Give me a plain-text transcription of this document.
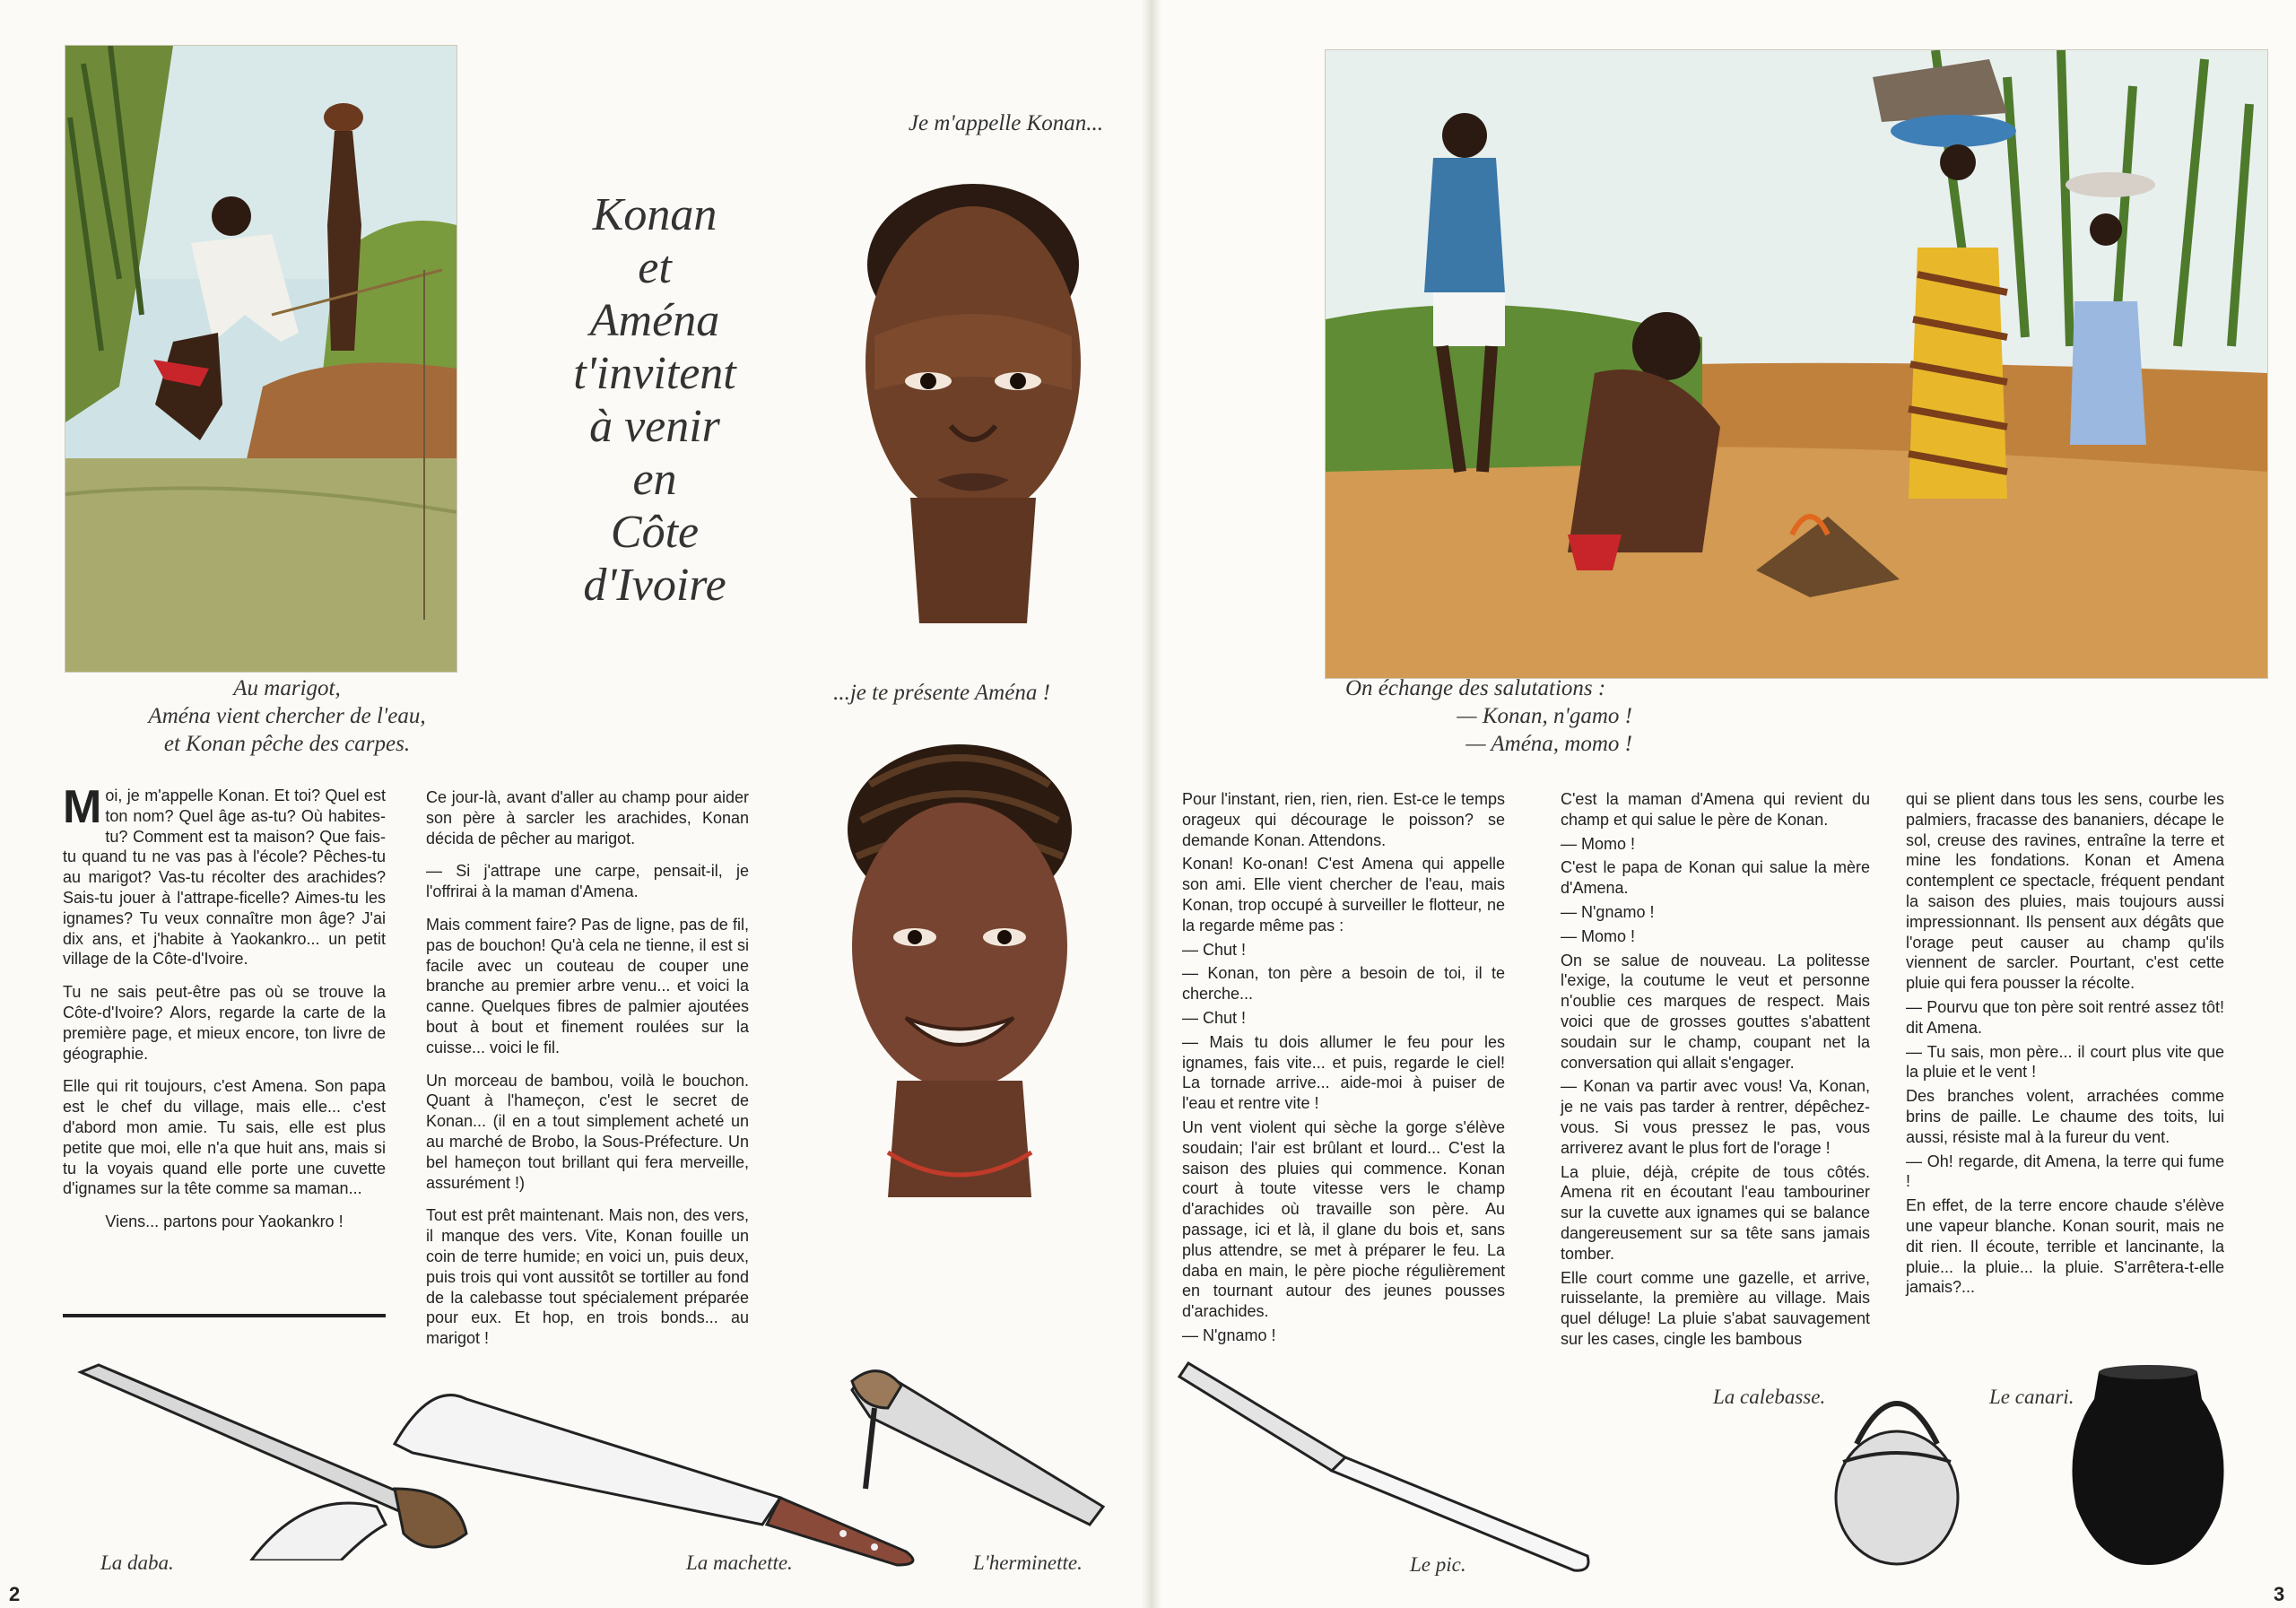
Au marigot,
Aména vient chercher de l'eau,
et Konan pêche des carpes.
Konan
et
Aména
t'invitent
à venir
en
Côte
d'Ivoire
Je m'appelle Konan...
...je te présente Aména !

Moi, je m'appelle Konan. Et toi? Quel est ton nom? Quel âge as-tu? Où habites-tu? Comment est ta maison? Que fais-tu quand tu ne vas pas à l'école? Pêches-tu au marigot? Vas-tu récolter des arachides? Sais-tu jouer à l'attrape-ficelle? Aimes-tu les ignames? Tu veux connaître mon âge? J'ai dix ans, et j'habite à Yaokankro... un petit village de la Côte-d'Ivoire.

Tu ne sais peut-être pas où se trouve la Côte-d'Ivoire? Alors, regarde la carte de la première page, et mieux encore, ton livre de géographie.

Elle qui rit toujours, c'est Amena. Son papa est le chef du village, mais elle... c'est d'abord mon amie. Tu sais, elle est plus petite que moi, elle n'a que huit ans, mais si tu la voyais quand elle porte une cuvette d'ignames sur la tête comme sa maman...

Viens... partons pour Yaokankro !

Ce jour-là, avant d'aller au champ pour aider son père à sarcler les arachides, Konan décida de pêcher au marigot.

— Si j'attrape une carpe, pensait-il, je l'offrirai à la maman d'Amena.

Mais comment faire? Pas de ligne, pas de fil, pas de bouchon! Qu'à cela ne tienne, il est si facile avec un couteau de couper une branche au premier arbre venu... et voici la canne. Quelques fibres de palmier ajoutées bout à bout et finement roulées sur la cuisse... voici le fil.

Un morceau de bambou, voilà le bouchon. Quant à l'hameçon, c'est le secret de Konan... (il en a tout simplement acheté un au marché de Brobo, la Sous-Préfecture. Un bel hameçon tout brillant qui fera merveille, assurément !)

Tout est prêt maintenant. Mais non, des vers, il manque des vers. Vite, Konan fouille un coin de terre humide; en voici un, puis deux, puis trois qui vont aussitôt se tortiller au fond de la calebasse tout spécialement préparée pour eux. Et hop, en trois bonds... au marigot !

La daba.	La machette.	L'herminette.
2
On échange des salutations :
— Konan, n'gamo !
— Aména, momo !

Pour l'instant, rien, rien, rien. Est-ce le temps orageux qui décourage le poisson? se demande Konan. Attendons.

Konan! Ko-onan! C'est Amena qui appelle son ami. Elle vient chercher de l'eau, mais Konan, trop occupé à surveiller le flotteur, ne la regarde même pas :

— Chut !

— Konan, ton père a besoin de toi, il te cherche...

— Chut !

— Mais tu dois allumer le feu pour les ignames, fais vite... et puis, regarde le ciel! La tornade arrive... aide-moi à puiser de l'eau et rentre vite !

Un vent violent qui sèche la gorge s'élève soudain; l'air est brûlant et lourd... C'est la saison des pluies qui commence. Konan court à toute vitesse vers le champ d'arachides où travaille son père. Au passage, ici et là, il glane du bois et, sans plus attendre, se met à préparer le feu. La daba en main, le père pioche régulièrement en tournant autour des jeunes pousses d'arachides.

— N'gnamo !

C'est la maman d'Amena qui revient du champ et qui salue le père de Konan.

— Momo !

C'est le papa de Konan qui salue la mère d'Amena.

— N'gnamo !

— Momo !

On se salue de nouveau. La politesse l'exige, la coutume le veut et personne n'oublie ces marques de respect. Mais voici que de grosses gouttes s'abattent soudain sur le champ, coupant net la conversation qui allait s'engager.

— Konan va partir avec vous! Va, Konan, je ne vais pas tarder à rentrer, dépêchez-vous. Si vous pressez le pas, vous arriverez avant le plus fort de l'orage !

La pluie, déjà, crépite de tous côtés. Amena rit en écoutant l'eau tambouriner sur la cuvette aux ignames qui se balance dangereusement sur sa tête sans jamais tomber.

Elle court comme une gazelle, et arrive, ruisselante, la première au village. Mais quel déluge! La pluie s'abat sauvagement sur les cases, cingle les bambous

qui se plient dans tous les sens, courbe les palmiers, fracasse des bananiers, décape le sol, creuse des ravines, entraîne la terre et mine les fondations. Konan et Amena contemplent ce spectacle, fréquent pendant la saison des pluies, mais toujours aussi impressionnant. Ils pensent aux dégâts que l'orage peut causer au champ qu'ils viennent de sarcler. Pourtant, c'est cette pluie qui fera pousser la récolte.

— Pourvu que ton père soit rentré assez tôt! dit Amena.

— Tu sais, mon père... il court plus vite que la pluie et le vent !

Des branches volent, arrachées comme brins de paille. Le chaume des toits, lui aussi, résiste mal à la fureur du vent.

— Oh! regarde, dit Amena, la terre qui fume !

En effet, de la terre encore chaude s'élève une vapeur blanche. Konan sourit, mais ne dit rien. Il écoute, terrible et lancinante, la pluie... la pluie... la pluie. S'arrêtera-t-elle jamais?...

Le pic.
La calebasse.	Le canari.
3
